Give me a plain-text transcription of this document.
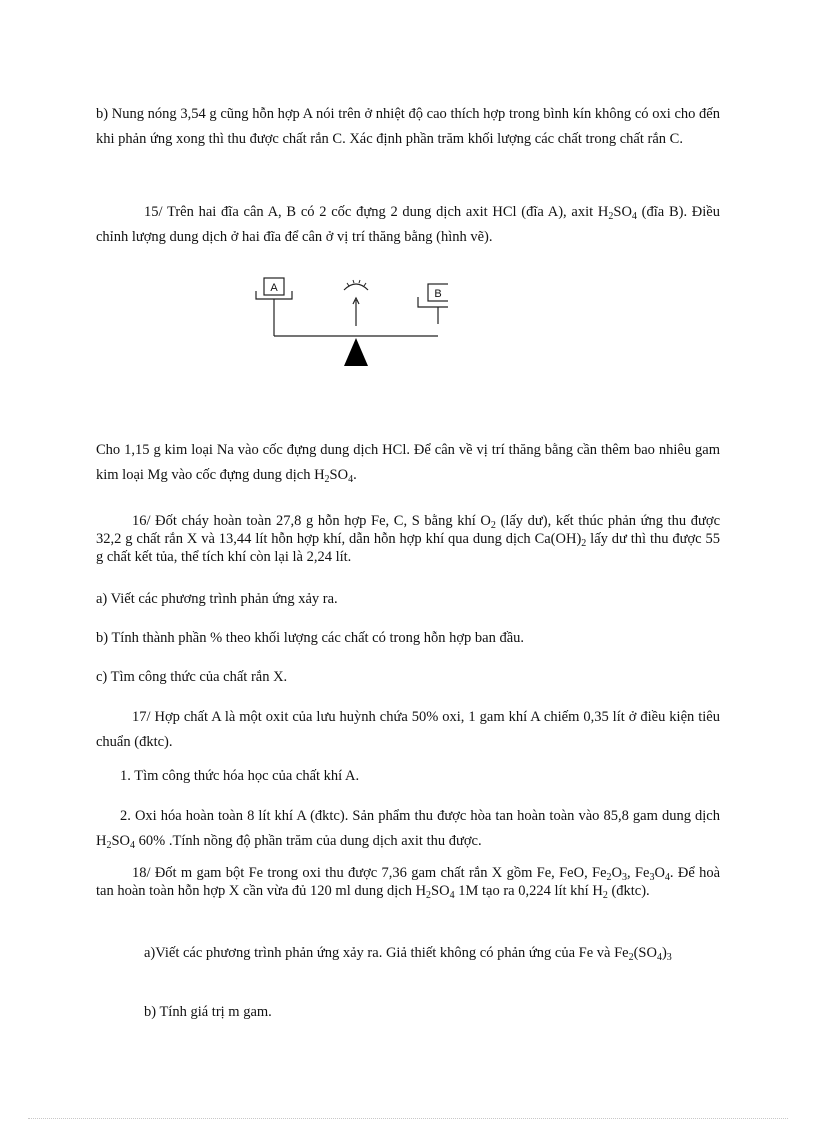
b) Nung nóng 3,54 g cũng hỗn hợp A nói trên ở nhiệt độ cao thích hợp trong bình kín không có oxi cho đến khi phản ứng xong thì thu được chất rắn C. Xác định phần trăm khối lượng các chất trong chất rắn C.

15/ Trên hai đĩa cân A, B có 2 cốc đựng 2 dung dịch axit HCl (đĩa A), axit $H_2SO_4$ (đĩa B). Điều chỉnh lượng dung dịch ở hai đĩa để cân ở vị trí thăng bằng (hình vẽ).

A	B

Cho 1,15 g kim loại Na vào cốc đựng dung dịch HCl. Để cân về vị trí thăng bằng cần thêm bao nhiêu gam kim loại Mg vào cốc đựng dung dịch $H_2SO_4$.

16/ Đốt cháy hoàn toàn 27,8 g hỗn hợp Fe, C, S bằng khí $O_2$ (lấy dư), kết thúc phản ứng thu được 32,2 g chất rắn X và 13,44 lít hỗn hợp khí, dẫn hỗn hợp khí qua dung dịch $Ca(OH)_2$ lấy dư thì thu được 55 g chất kết tủa, thể tích khí còn lại là 2,24 lít.

a) Viết các phương trình phản ứng xảy ra.

b) Tính thành phần % theo khối lượng các chất có trong hỗn hợp ban đầu.

c) Tìm công thức của chất rắn X.

17/ Hợp chất A là một oxit của lưu huỳnh chứa 50% oxi, 1 gam khí A chiếm 0,35 lít ở điều kiện tiêu chuẩn (đktc).

1. Tìm công thức hóa học của chất khí A.

2. Oxi hóa hoàn toàn 8 lít khí A (đktc). Sản phẩm thu được hòa tan hoàn toàn vào 85,8 gam dung dịch $H_2SO_4$ 60% .Tính nồng độ phần trăm của dung dịch axit thu được.

18/ Đốt m gam bột Fe trong oxi thu được 7,36 gam chất rắn X gồm Fe, FeO, $Fe_2O_3$, $Fe_3O_4$. Để hoà tan hoàn toàn hỗn hợp X cần vừa đủ 120 ml dung dịch $H_2SO_4$ 1M tạo ra 0,224 lít khí $H_2$ (đktc).

a)Viết các phương trình phản ứng xảy ra. Giả thiết không có phản ứng của Fe và $Fe_2(SO_4)_3$

b) Tính giá trị m gam.
